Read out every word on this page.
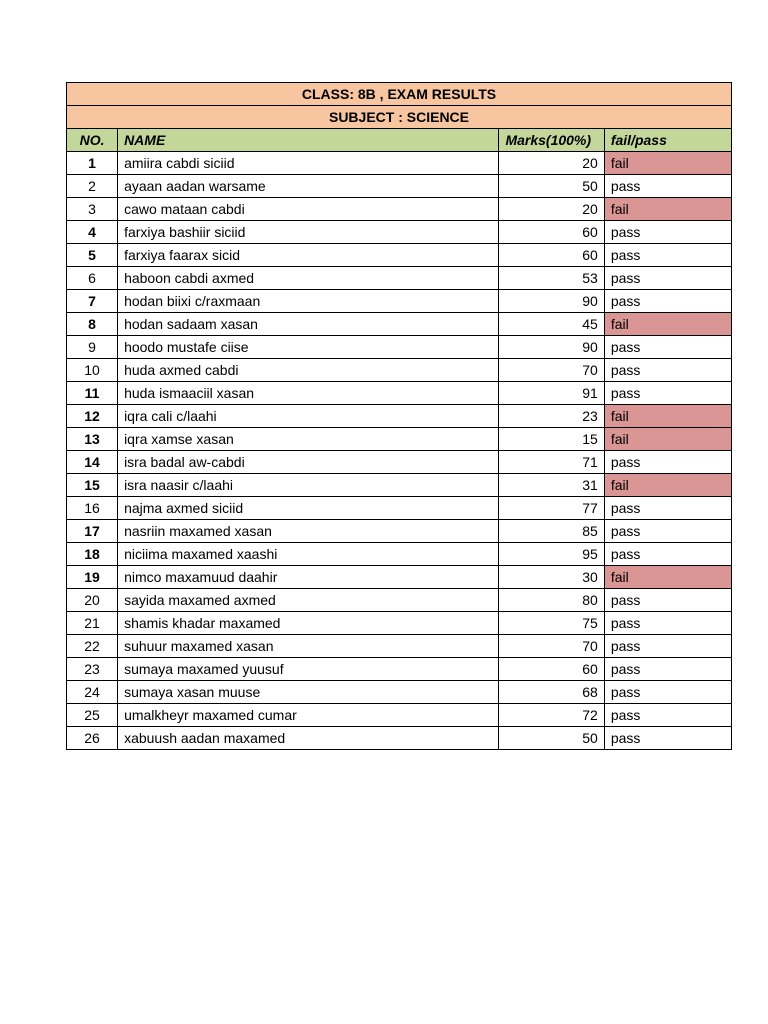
CLASS: 8B , EXAM RESULTS			
SUBJECT : SCIENCE			
NO.	NAME	Marks(100%)	fail/pass
1	amiira cabdi siciid	20	fail
2	ayaan aadan warsame	50	pass
3	cawo mataan cabdi	20	fail
4	farxiya bashiir siciid	60	pass
5	farxiya faarax sicid	60	pass
6	haboon cabdi axmed	53	pass
7	hodan biixi c/raxmaan	90	pass
8	hodan sadaam xasan	45	fail
9	hoodo mustafe ciise	90	pass
10	huda axmed cabdi	70	pass
11	huda ismaaciil xasan	91	pass
12	iqra cali c/laahi	23	fail
13	iqra xamse xasan	15	fail
14	isra badal aw-cabdi	71	pass
15	isra naasir c/laahi	31	fail
16	najma axmed siciid	77	pass
17	nasriin maxamed xasan	85	pass
18	niciima maxamed xaashi	95	pass
19	nimco maxamuud daahir	30	fail
20	sayida maxamed axmed	80	pass
21	shamis khadar maxamed	75	pass
22	suhuur maxamed xasan	70	pass
23	sumaya maxamed yuusuf	60	pass
24	sumaya xasan muuse	68	pass
25	umalkheyr maxamed cumar	72	pass
26	xabuush aadan maxamed	50	pass
